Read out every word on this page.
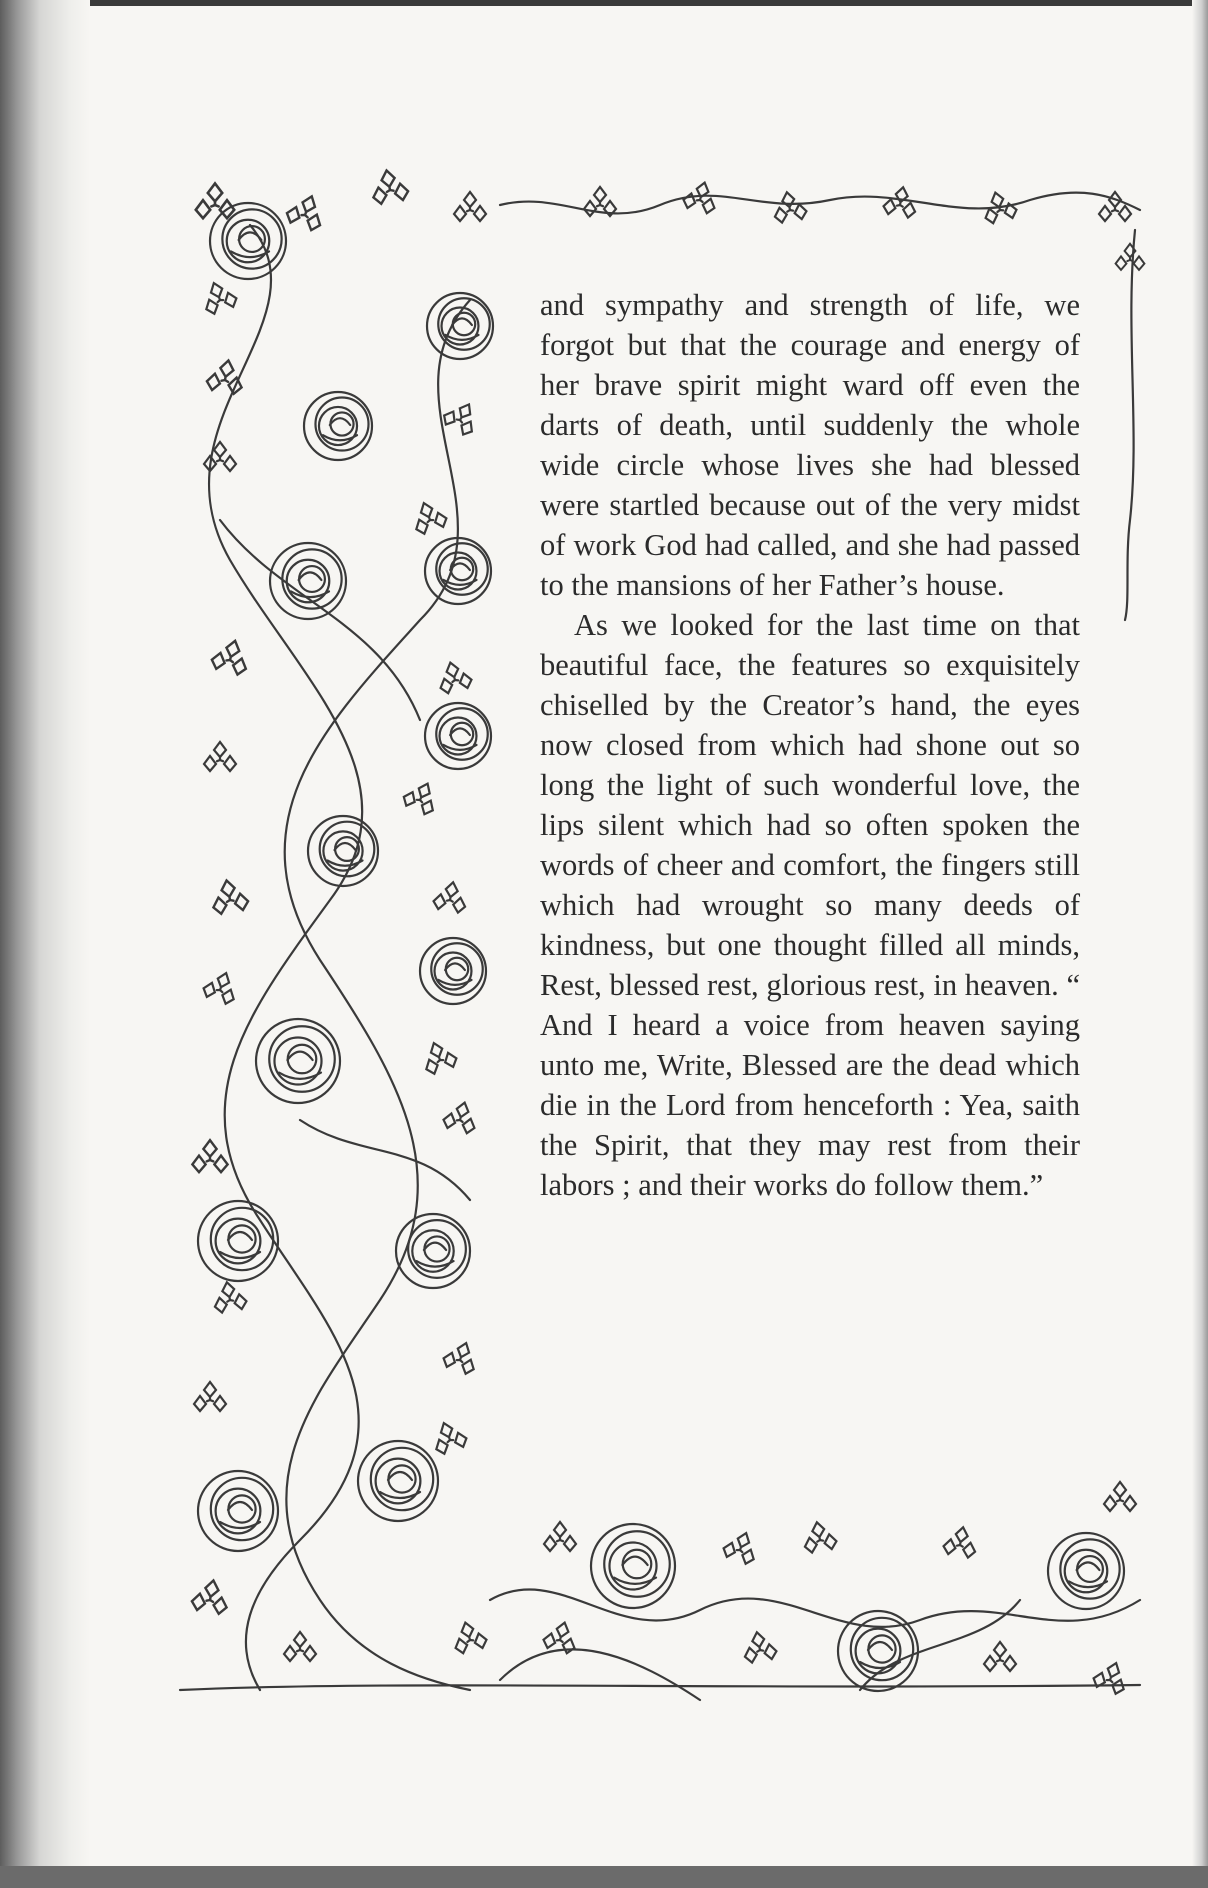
and sympathy and strength of life, we forgot but that the courage and energy of her brave spirit might ward off even the darts of death, until suddenly the whole wide circle whose lives she had blessed were startled because out of the very midst of work God had called, and she had passed to the mansions of her Father’s house.

As we looked for the last time on that beautiful face, the features so exquisitely chiselled by the Creator’s hand, the eyes now closed from which had shone out so long the light of such wonderful love, the lips silent which had so often spoken the words of cheer and comfort, the fingers still which had wrought so many deeds of kindness, but one thought filled all minds, Rest, blessed rest, glorious rest, in heaven. “ And I heard a voice from heaven saying unto me, Write, Blessed are the dead which die in the Lord from henceforth : Yea, saith the Spirit, that they may rest from their labors ; and their works do follow them.”
